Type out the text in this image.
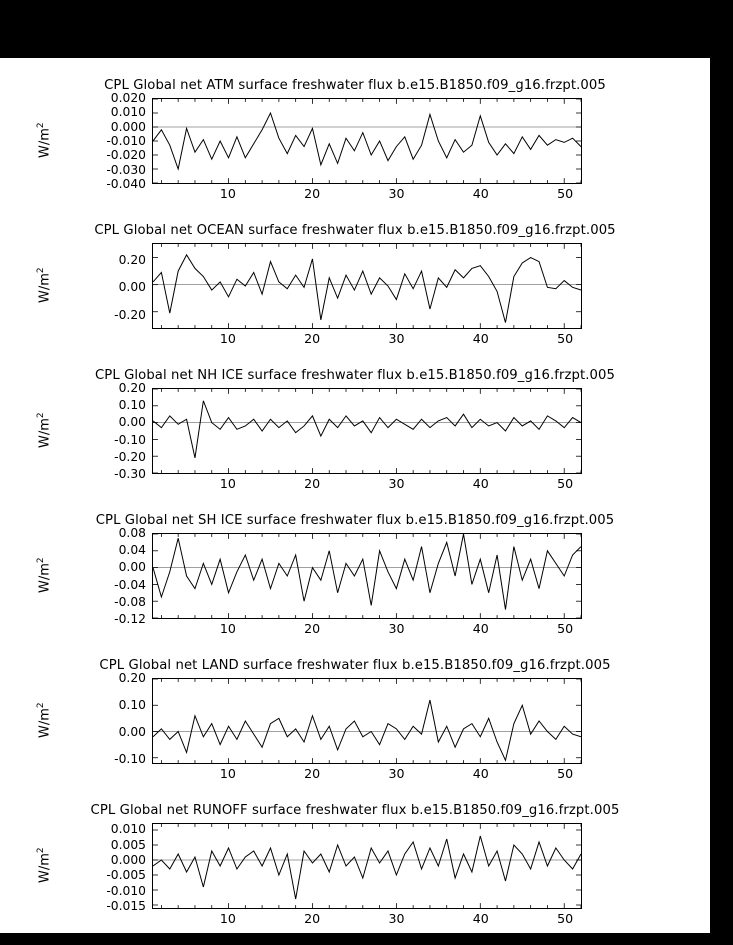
CPL Global net ATM surface freshwater flux b.e15.B1850.f09_g16.frzpt.005
$W/m^2$
0.020
0.010
0.000
-0.010
-0.020
-0.030
-0.040
10	20	30	40	50
CPL Global net OCEAN surface freshwater flux b.e15.B1850.f09_g16.frzpt.005
$W/m^2$
0.20
0.00
-0.20
10	20	30	40	50
CPL Global net NH ICE surface freshwater flux b.e15.B1850.f09_g16.frzpt.005
$W/m^2$
0.20
0.10
0.00
-0.10
-0.20
-0.30
10	20	30	40	50
CPL Global net SH ICE surface freshwater flux b.e15.B1850.f09_g16.frzpt.005
$W/m^2$
0.08
0.04
0.00
-0.04
-0.08
-0.12
10	20	30	40	50
CPL Global net LAND surface freshwater flux b.e15.B1850.f09_g16.frzpt.005
$W/m^2$
0.20
0.10
0.00
-0.10
10	20	30	40	50
CPL Global net RUNOFF surface freshwater flux b.e15.B1850.f09_g16.frzpt.005
$W/m^2$
0.010
0.005
0.000
-0.005
-0.010
-0.015
10	20	30	40	50
